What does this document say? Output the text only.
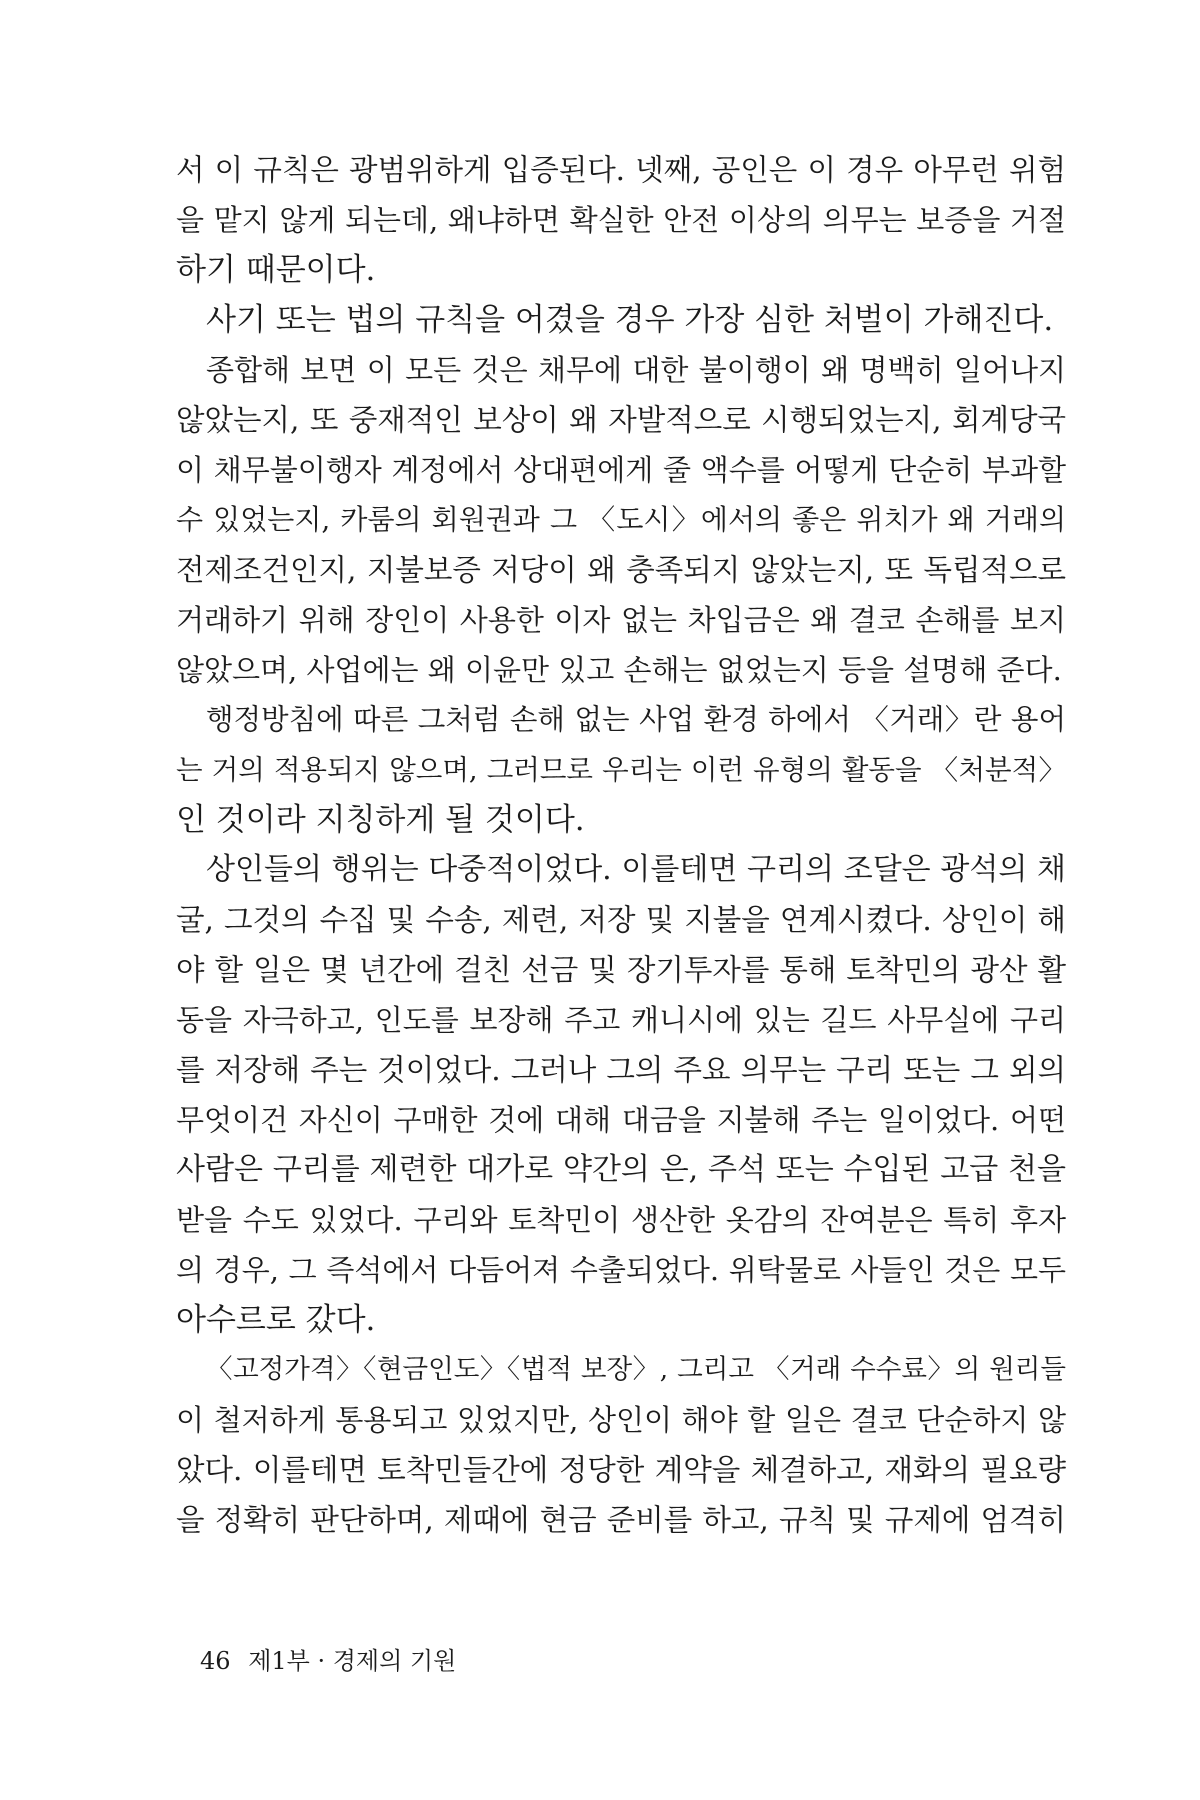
서 이 규칙은 광범위하게 입증된다. 넷째, 공인은 이 경우 아무런 위험
을 맡지 않게 되는데, 왜냐하면 확실한 안전 이상의 의무는 보증을 거절
하기 때문이다.
사기 또는 법의 규칙을 어겼을 경우 가장 심한 처벌이 가해진다.
종합해 보면 이 모든 것은 채무에 대한 불이행이 왜 명백히 일어나지
않았는지, 또 중재적인 보상이 왜 자발적으로 시행되었는지, 회계당국
이 채무불이행자 계정에서 상대편에게 줄 액수를 어떻게 단순히 부과할
수 있었는지, 카룸의 회원권과 그 〈도시〉에서의 좋은 위치가 왜 거래의
전제조건인지, 지불보증 저당이 왜 충족되지 않았는지, 또 독립적으로
거래하기 위해 장인이 사용한 이자 없는 차입금은 왜 결코 손해를 보지
않았으며, 사업에는 왜 이윤만 있고 손해는 없었는지 등을 설명해 준다.
행정방침에 따른 그처럼 손해 없는 사업 환경 하에서 〈거래〉란 용어
는 거의 적용되지 않으며, 그러므로 우리는 이런 유형의 활동을 〈처분적〉
인 것이라 지칭하게 될 것이다.
상인들의 행위는 다중적이었다. 이를테면 구리의 조달은 광석의 채
굴, 그것의 수집 및 수송, 제련, 저장 및 지불을 연계시켰다. 상인이 해
야 할 일은 몇 년간에 걸친 선금 및 장기투자를 통해 토착민의 광산 활
동을 자극하고, 인도를 보장해 주고 캐니시에 있는 길드 사무실에 구리
를 저장해 주는 것이었다. 그러나 그의 주요 의무는 구리 또는 그 외의
무엇이건 자신이 구매한 것에 대해 대금을 지불해 주는 일이었다. 어떤
사람은 구리를 제련한 대가로 약간의 은, 주석 또는 수입된 고급 천을
받을 수도 있었다. 구리와 토착민이 생산한 옷감의 잔여분은 특히 후자
의 경우, 그 즉석에서 다듬어져 수출되었다. 위탁물로 사들인 것은 모두
아수르로 갔다.
〈고정가격〉〈현금인도〉〈법적 보장〉, 그리고 〈거래 수수료〉의 원리들
이 철저하게 통용되고 있었지만, 상인이 해야 할 일은 결코 단순하지 않
았다. 이를테면 토착민들간에 정당한 계약을 체결하고, 재화의 필요량
을 정확히 판단하며, 제때에 현금 준비를 하고, 규칙 및 규제에 엄격히
46 제1부 · 경제의 기원
